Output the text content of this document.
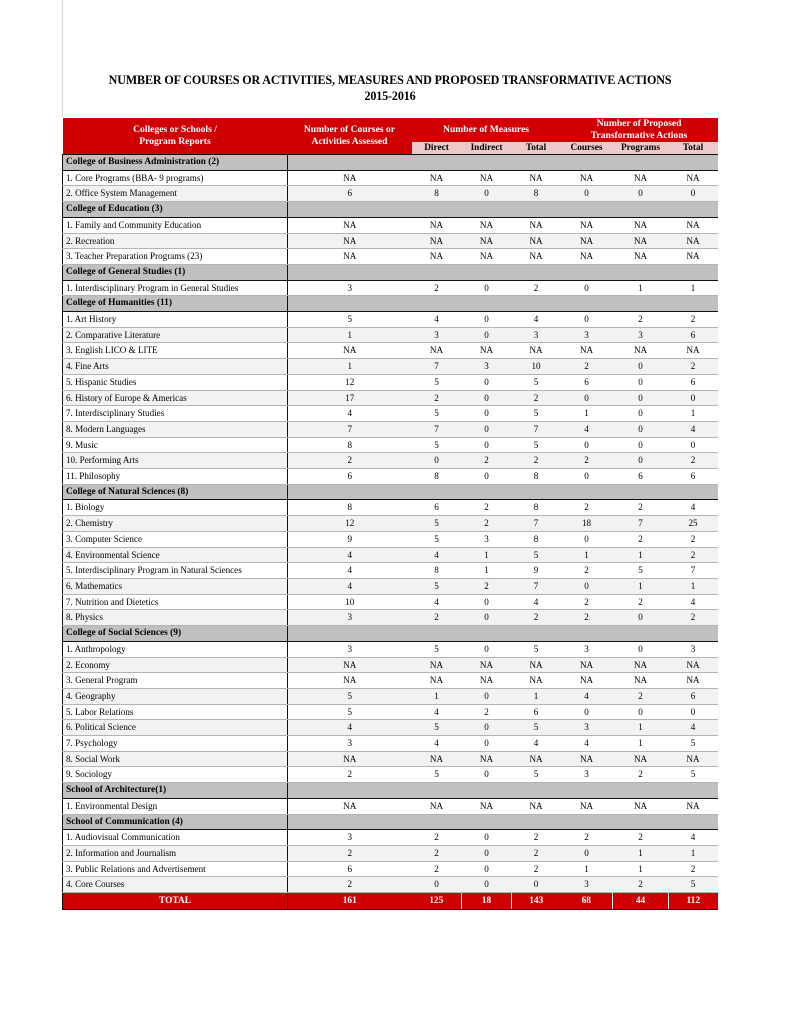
NUMBER OF COURSES OR ACTIVITIES, MEASURES AND PROPOSED TRANSFORMATIVE ACTIONS
2015-2016
Colleges or Schools /
Program Reports	Number of Courses or
Activities Assessed	Number of Measures			Number of Proposed
Transformative Actions		

		Direct	Indirect	Total	Courses	Programs	Total
College of Business Administration (2)							
1. Core Programs (BBA- 9 programs)	NA	NA	NA	NA	NA	NA	NA
2. Office System Management	6	8	0	8	0	0	0
College of Education (3)							
1. Family and Community Education	NA	NA	NA	NA	NA	NA	NA
2. Recreation	NA	NA	NA	NA	NA	NA	NA
3. Teacher Preparation Programs (23)	NA	NA	NA	NA	NA	NA	NA
College of General Studies (1)							
1. Interdisciplinary Program in General Studies	3	2	0	2	0	1	1
College of Humanities (11)							
1. Art History	5	4	0	4	0	2	2
2. Comparative Literature	1	3	0	3	3	3	6
3. English LICO & LITE	NA	NA	NA	NA	NA	NA	NA
4. Fine Arts	1	7	3	10	2	0	2
5. Hispanic Studies	12	5	0	5	6	0	6
6. History of Europe & Americas	17	2	0	2	0	0	0
7. Interdisciplinary Studies	4	5	0	5	1	0	1
8. Modern Languages	7	7	0	7	4	0	4
9. Music	8	5	0	5	0	0	0
10. Performing Arts	2	0	2	2	2	0	2
11. Philosophy	6	8	0	8	0	6	6
College of Natural Sciences (8)							
1. Biology	8	6	2	8	2	2	4
2. Chemistry	12	5	2	7	18	7	25
3. Computer Science	9	5	3	8	0	2	2
4. Environmental Science	4	4	1	5	1	1	2
5. Interdisciplinary Program in Natural Sciences	4	8	1	9	2	5	7
6. Mathematics	4	5	2	7	0	1	1
7. Nutrition and Dietetics	10	4	0	4	2	2	4
8. Physics	3	2	0	2	2	0	2
College of Social Sciences (9)							
1. Anthropology	3	5	0	5	3	0	3
2. Economy	NA	NA	NA	NA	NA	NA	NA
3. General Program	NA	NA	NA	NA	NA	NA	NA
4. Geography	5	1	0	1	4	2	6
5. Labor Relations	5	4	2	6	0	0	0
6. Political Science	4	5	0	5	3	1	4
7. Psychology	3	4	0	4	4	1	5
8. Social Work	NA	NA	NA	NA	NA	NA	NA
9. Sociology	2	5	0	5	3	2	5
School of Architecture(1)							
1. Environmental Design	NA	NA	NA	NA	NA	NA	NA
School of Communication (4)							
1. Audiovisual Communication	3	2	0	2	2	2	4
2. Information and Journalism	2	2	0	2	0	1	1
3. Public Relations and Advertisement	6	2	0	2	1	1	2
4. Core Courses	2	0	0	0	3	2	5
TOTAL	161	125	18	143	68	44	112
